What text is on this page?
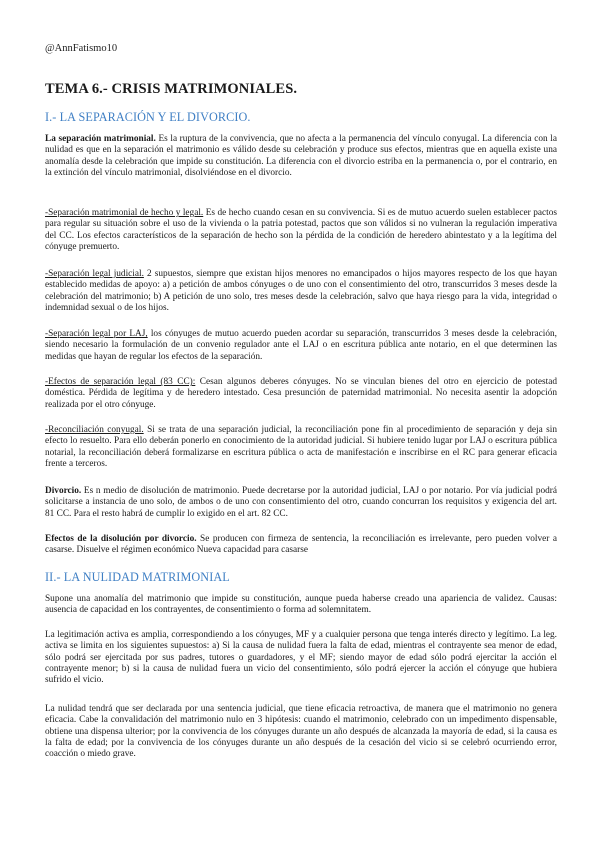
@AnnFatismo10
TEMA 6.- CRISIS MATRIMONIALES.
I.- LA SEPARACIÓN Y EL DIVORCIO.

La separación matrimonial. Es la ruptura de la convivencia, que no afecta a la permanencia del vínculo conyugal. La diferencia con la nulidad es que en la separación el matrimonio es válido desde su celebración y produce sus efectos, mientras que en aquella existe una anomalía desde la celebración que impide su constitución. La diferencia con el divorcio estriba en la permanencia o, por el contrario, en la extinción del vínculo matrimonial, disolviéndose en el divorcio.

-Separación matrimonial de hecho y legal. Es de hecho cuando cesan en su convivencia. Si es de mutuo acuerdo suelen establecer pactos para regular su situación sobre el uso de la vivienda o la patria potestad, pactos que son válidos si no vulneran la regulación imperativa del CC. Los efectos característicos de la separación de hecho son la pérdida de la condición de heredero abintestato y a la legítima del cónyuge premuerto.

-Separación legal judicial. 2 supuestos, siempre que existan hijos menores no emancipados o hijos mayores respecto de los que hayan establecido medidas de apoyo: a) a petición de ambos cónyuges o de uno con el consentimiento del otro, transcurridos 3 meses desde la celebración del matrimonio; b) A petición de uno solo, tres meses desde la celebración, salvo que haya riesgo para la vida, integridad o indemnidad sexual o de los hijos.

-Separación legal por LAJ, los cónyuges de mutuo acuerdo pueden acordar su separación, transcurridos 3 meses desde la celebración, siendo necesario la formulación de un convenio regulador ante el LAJ o en escritura pública ante notario, en el que determinen las medidas que hayan de regular los efectos de la separación.

-Efectos de separación legal (83 CC): Cesan algunos deberes cónyuges. No se vinculan bienes del otro en ejercicio de potestad doméstica. Pérdida de legítima y de heredero intestado. Cesa presunción de paternidad matrimonial. No necesita asentir la adopción realizada por el otro cónyuge.

-Reconciliación conyugal. Si se trata de una separación judicial, la reconciliación pone fin al procedimiento de separación y deja sin efecto lo resuelto. Para ello deberán ponerlo en conocimiento de la autoridad judicial. Si hubiere tenido lugar por LAJ o escritura pública notarial, la reconciliación deberá formalizarse en escritura pública o acta de manifestación e inscribirse en el RC para generar eficacia frente a terceros.

Divorcio. Es n medio de disolución de matrimonio. Puede decretarse por la autoridad judicial, LAJ o por notario. Por vía judicial podrá solicitarse a instancia de uno solo, de ambos o de uno con consentimiento del otro, cuando concurran los requisitos y exigencia del art. 81 CC. Para el resto habrá de cumplir lo exigido en el art. 82 CC.

Efectos de la disolución por divorcio. Se producen con firmeza de sentencia, la reconciliación es irrelevante, pero pueden volver a casarse. Disuelve el régimen económico Nueva capacidad para casarse

II.- LA NULIDAD MATRIMONIAL

Supone una anomalía del matrimonio que impide su constitución, aunque pueda haberse creado una apariencia de validez. Causas: ausencia de capacidad en los contrayentes, de consentimiento o forma ad solemnitatem.

La legitimación activa es amplia, correspondiendo a los cónyuges, MF y a cualquier persona que tenga interés directo y legítimo. La leg. activa se limita en los siguientes supuestos: a) Si la causa de nulidad fuera la falta de edad, mientras el contrayente sea menor de edad, sólo podrá ser ejercitada por sus padres, tutores o guardadores, y el MF; siendo mayor de edad sólo podrá ejercitar la acción el contrayente menor; b) si la causa de nulidad fuera un vicio del consentimiento, sólo podrá ejercer la acción el cónyuge que hubiera sufrido el vicio.

La nulidad tendrá que ser declarada por una sentencia judicial, que tiene eficacia retroactiva, de manera que el matrimonio no genera eficacia. Cabe la convalidación del matrimonio nulo en 3 hipótesis: cuando el matrimonio, celebrado con un impedimento dispensable, obtiene una dispensa ulterior; por la convivencia de los cónyuges durante un año después de alcanzada la mayoría de edad, si la causa es la falta de edad; por la convivencia de los cónyuges durante un año después de la cesación del vicio si se celebró ocurriendo error, coacción o miedo grave.
